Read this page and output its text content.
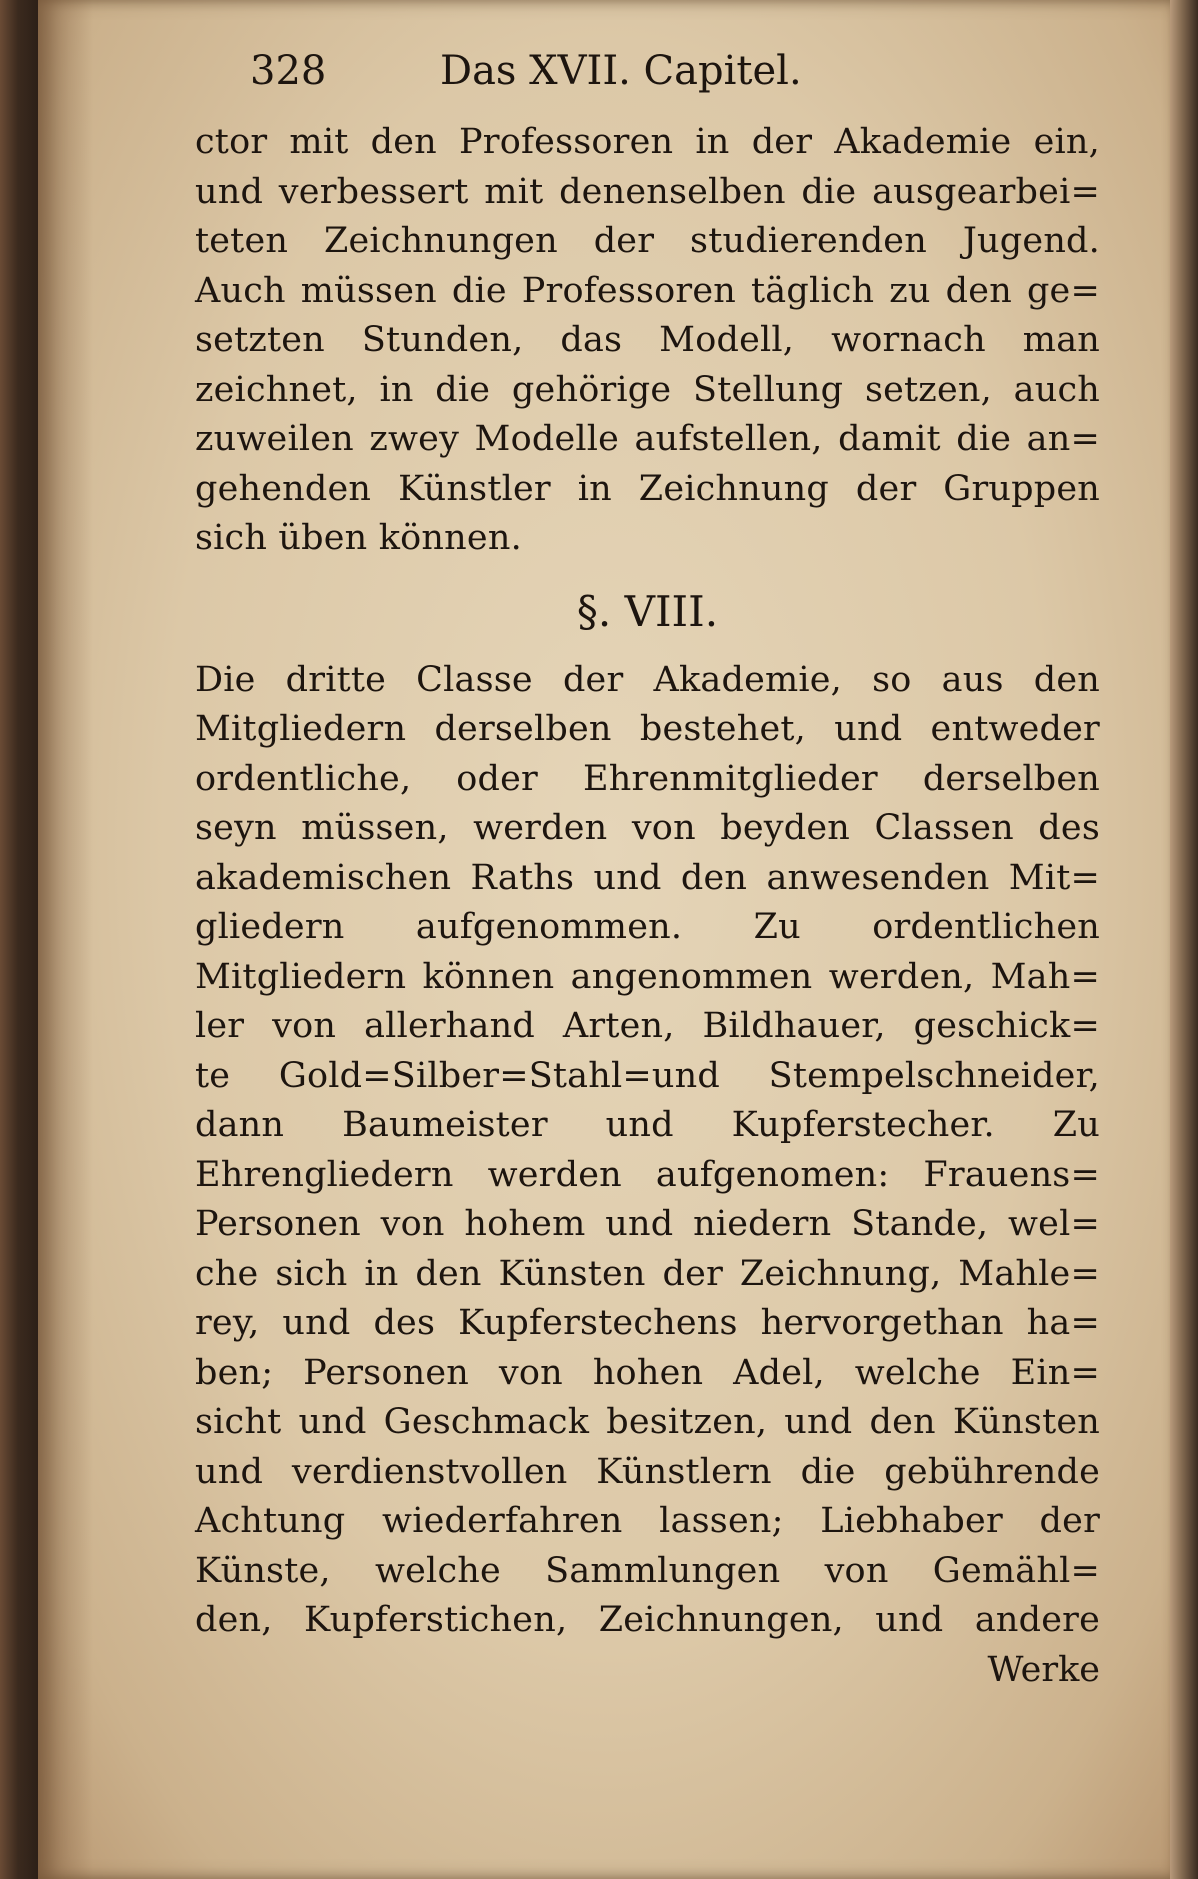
328	Das XVII. Capitel.
ctor mit den Professoren in der Akademie ein,
und verbessert mit denenselben die ausgearbei=
teten Zeichnungen der studierenden Jugend.
Auch müssen die Professoren täglich zu den ge=
setzten Stunden, das Modell, wornach man
zeichnet, in die gehörige Stellung setzen, auch
zuweilen zwey Modelle aufstellen, damit die an=
gehenden Künstler in Zeichnung der Gruppen
sich üben können.
§. VIII.
Die dritte Classe der Akademie, so aus den
Mitgliedern derselben bestehet, und entweder
ordentliche, oder Ehrenmitglieder derselben
seyn müssen, werden von beyden Classen des
akademischen Raths und den anwesenden Mit=
gliedern aufgenommen. Zu ordentlichen
Mitgliedern können angenommen werden, Mah=
ler von allerhand Arten, Bildhauer, geschick=
te Gold=Silber=Stahl=und Stempelschneider,
dann Baumeister und Kupferstecher. Zu
Ehrengliedern werden aufgenomen: Frauens=
Personen von hohem und niedern Stande, wel=
che sich in den Künsten der Zeichnung, Mahle=
rey, und des Kupferstechens hervorgethan ha=
ben; Personen von hohen Adel, welche Ein=
sicht und Geschmack besitzen, und den Künsten
und verdienstvollen Künstlern die gebührende
Achtung wiederfahren lassen; Liebhaber der
Künste, welche Sammlungen von Gemähl=
den, Kupferstichen, Zeichnungen, und andere
Werke
